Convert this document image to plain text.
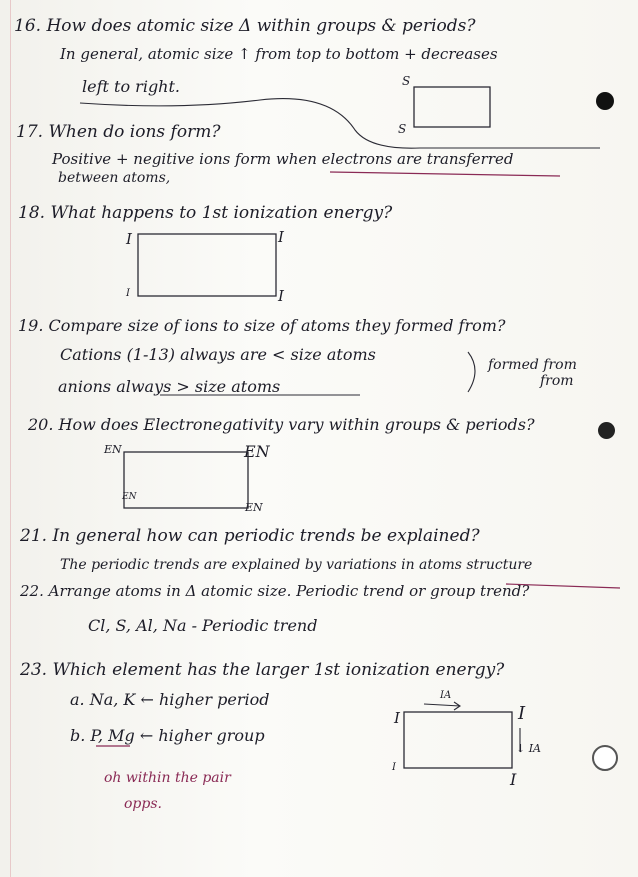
16. How does atomic size Δ within groups & periods?
In general, atomic size ↑ from top to bottom + decreases
left to right.	S
S
17. When do ions form?
Positive + negitive ions form when electrons are transferred
between atoms,
18. What happens to 1st ionization energy?
I	I
I	I
19. Compare size of ions to size of atoms they formed from?
Cations (1-13) always are < size atoms
anions always > size atoms
formed from
from
20. How does Electronegativity vary within groups & periods?
EN	EN
EN
EN
21. In general how can periodic trends be explained?
The periodic trends are explained by variations in atoms structure
22. Arrange atoms in Δ atomic size. Periodic trend or group trend?
Cl, S, Al, Na - Periodic trend
23. Which element has the larger 1st ionization energy?
a. Na, K ← higher period
b. P, Mg ← higher group
oh within the pair
opps.
IA
I	I
↓ IA
I
I
